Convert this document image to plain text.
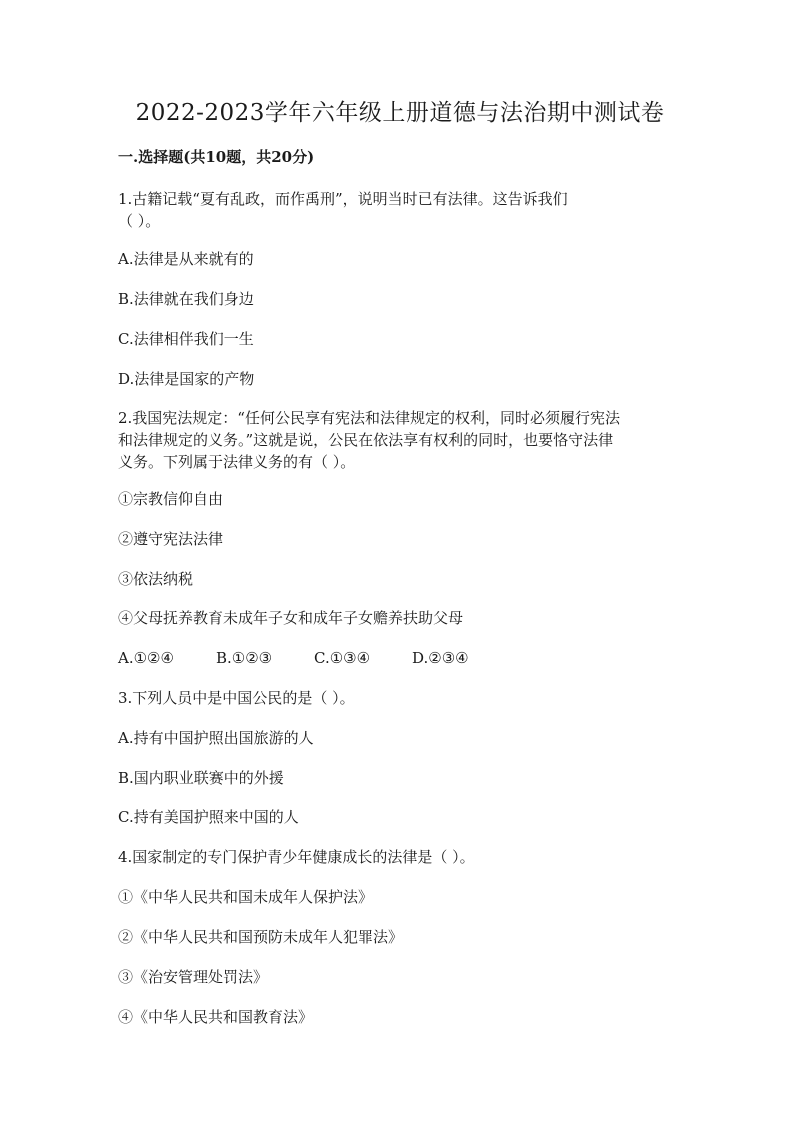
2022-2023学年六年级上册道德与法治期中测试卷
一.选择题(共10题，共20分)
1.古籍记载“夏有乱政，而作禹刑”，说明当时已有法律。这告诉我们
（ ）。
A.法律是从来就有的
B.法律就在我们身边
C.法律相伴我们一生
D.法律是国家的产物
2.我国宪法规定：“任何公民享有宪法和法律规定的权利，同时必须履行宪法
和法律规定的义务。”这就是说，公民在依法享有权利的同时，也要恪守法律
义务。下列属于法律义务的有（ ）。
①宗教信仰自由
②遵守宪法法律
③依法纳税
④父母抚养教育未成年子女和成年子女赡养扶助父母
A.①②④	B.①②③	C.①③④	D.②③④
3.下列人员中是中国公民的是（ ）。
A.持有中国护照出国旅游的人
B.国内职业联赛中的外援
C.持有美国护照来中国的人
4.国家制定的专门保护青少年健康成长的法律是（ ）。
①《中华人民共和国未成年人保护法》
②《中华人民共和国预防未成年人犯罪法》
③《治安管理处罚法》
④《中华人民共和国教育法》
